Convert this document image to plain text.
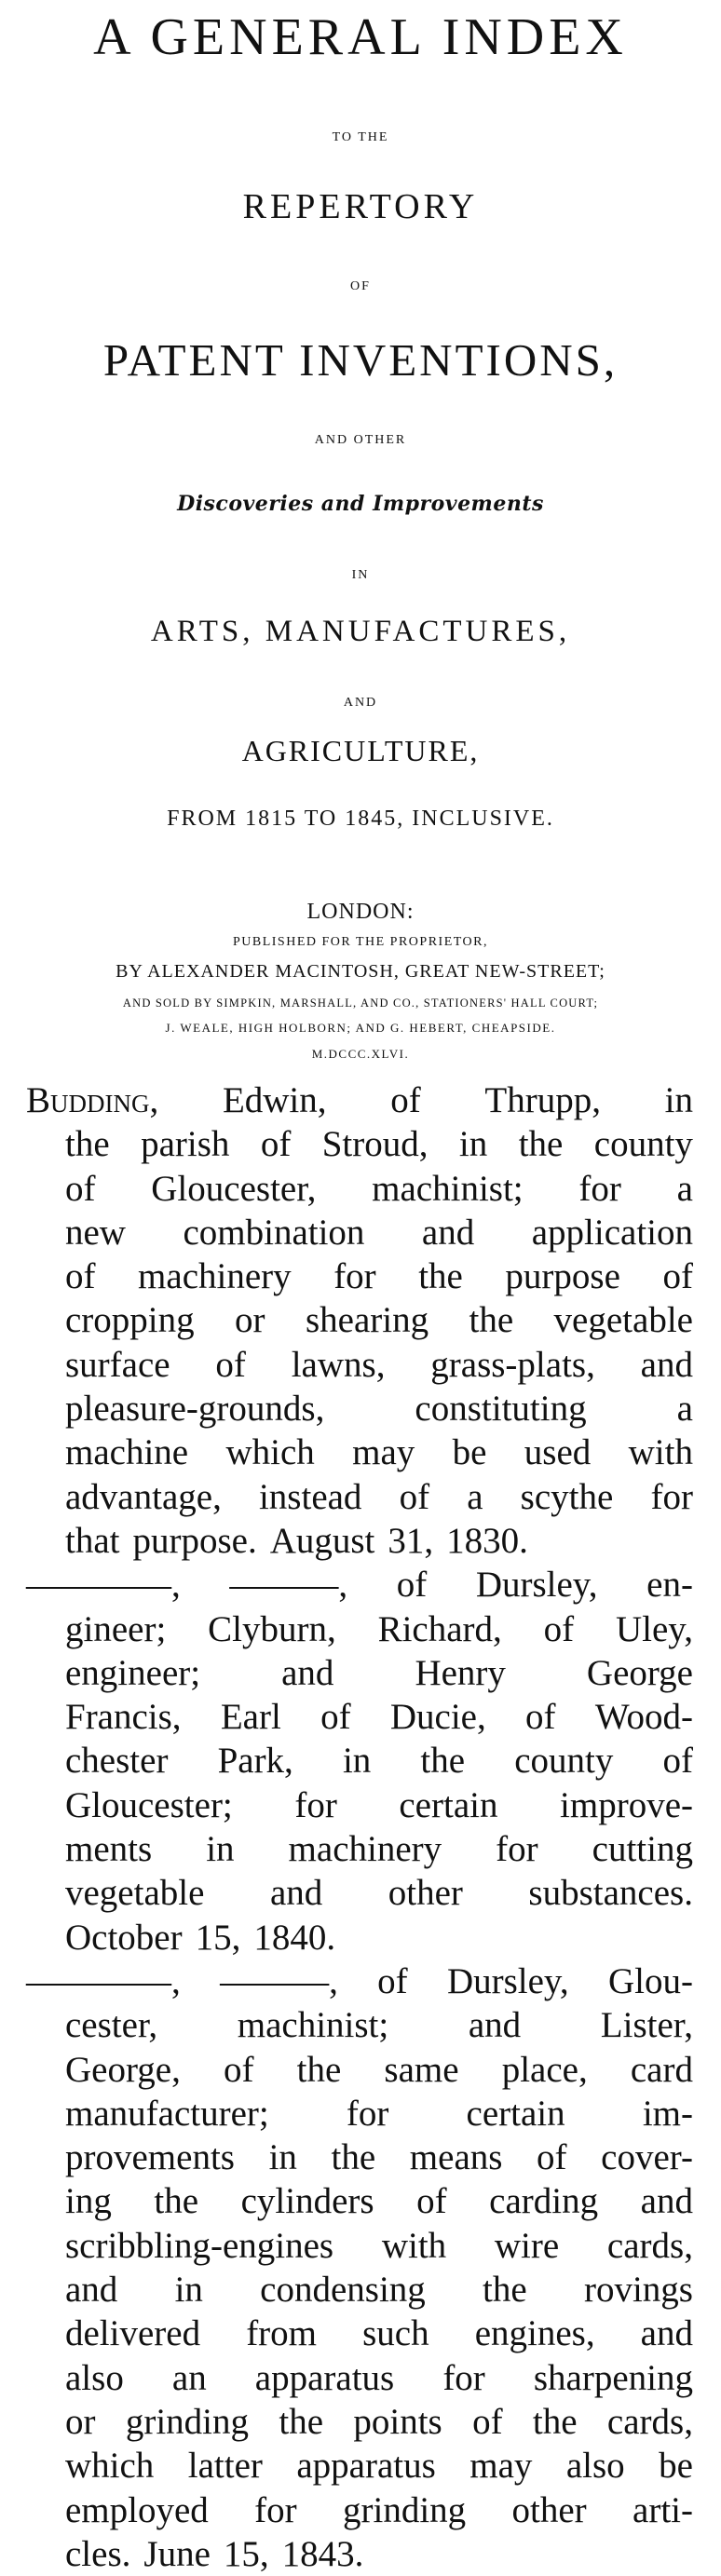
A GENERAL INDEX
TO THE
REPERTORY
OF
PATENT INVENTIONS,
AND OTHER
Discoveries and Improvements
IN
ARTS, MANUFACTURES,
AND
AGRICULTURE,
FROM 1815 TO 1845, INCLUSIVE.
LONDON:
PUBLISHED FOR THE PROPRIETOR,
BY ALEXANDER MACINTOSH, GREAT NEW-STREET;
AND SOLD BY SIMPKIN, MARSHALL, AND CO., STATIONERS' HALL COURT;
J. WEALE, HIGH HOLBORN; AND G. HEBERT, CHEAPSIDE.
M.DCCC.XLVI.
Budding, Edwin, of Thrupp, in
the parish of Stroud, in the county
of Gloucester, machinist; for a
new combination and application
of machinery for the purpose of
cropping or shearing the vegetable
surface of lawns, grass-plats, and
pleasure-grounds, constituting a
machine which may be used with
advantage, instead of a scythe for
that purpose. August 31, 1830.
————, ———, of Dursley, en-
gineer; Clyburn, Richard, of Uley,
engineer; and Henry George
Francis, Earl of Ducie, of Wood-
chester Park, in the county of
Gloucester; for certain improve-
ments in machinery for cutting
vegetable and other substances.
October 15, 1840.
————, ———, of Dursley, Glou-
cester, machinist; and Lister,
George, of the same place, card
manufacturer; for certain im-
provements in the means of cover-
ing the cylinders of carding and
scribbling-engines with wire cards,
and in condensing the rovings
delivered from such engines, and
also an apparatus for sharpening
or grinding the points of the cards,
which latter apparatus may also be
employed for grinding other arti-
cles. June 15, 1843.
